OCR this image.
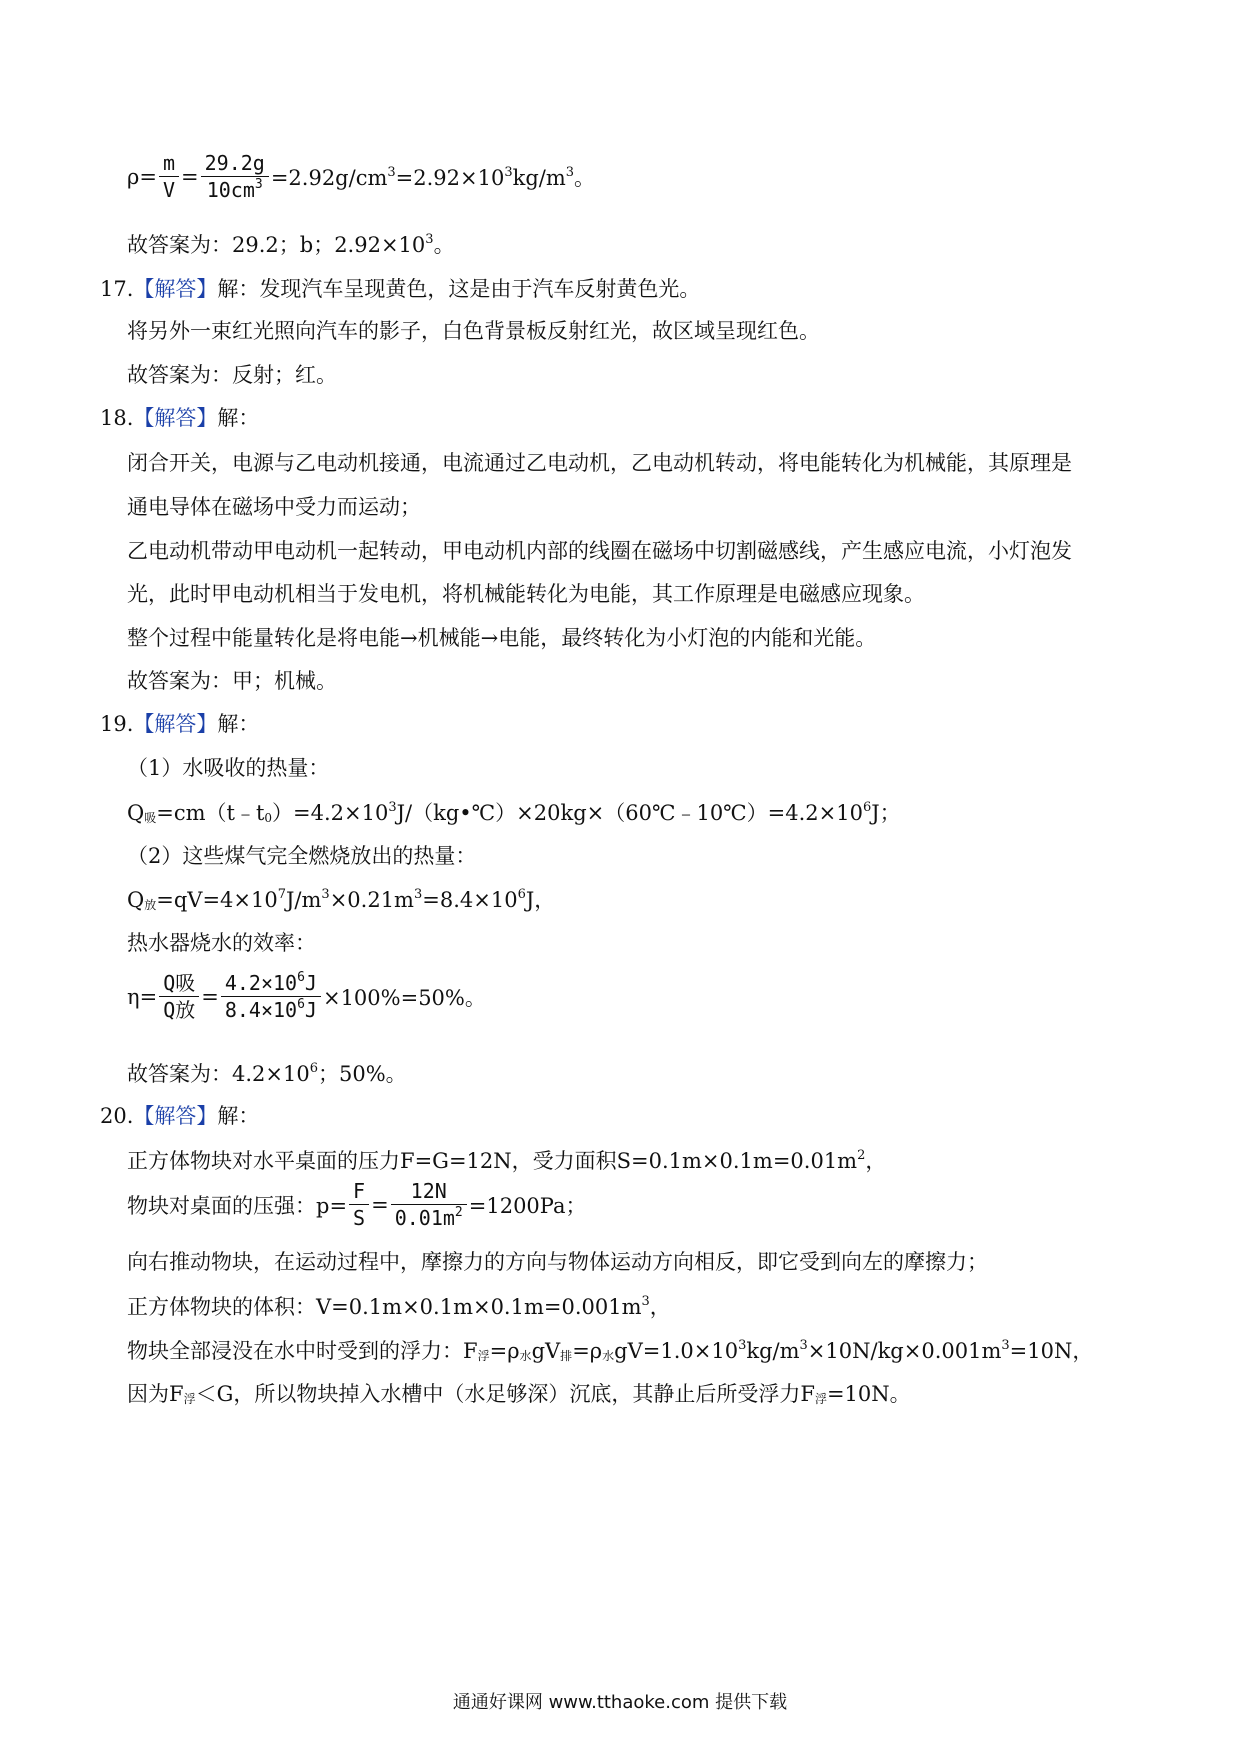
$\rho= \frac{m}{V} = \frac{29.2g}{10cm^3} =2.92g/cm^3=2.92\times 10^3kg/m^3$。
故答案为：29.2；b；$2.92\times 10^3$。
17.【解答】解：发现汽车呈现黄色，这是由于汽车反射黄色光。
将另外一束红光照向汽车的影子，白色背景板反射红光，故区域呈现红色。
故答案为：反射；红。
18.【解答】解：
闭合开关，电源与乙电动机接通，电流通过乙电动机，乙电动机转动，将电能转化为机械能，其原理是
通电导体在磁场中受力而运动；
乙电动机带动甲电动机一起转动，甲电动机内部的线圈在磁场中切割磁感线，产生感应电流，小灯泡发
光，此时甲电动机相当于发电机，将机械能转化为电能，其工作原理是电磁感应现象。
整个过程中能量转化是将电能→机械能→电能，最终转化为小灯泡的内能和光能。
故答案为：甲；机械。
19.【解答】解：
（1）水吸收的热量：
$Q_吸=cm(t﹣t_0)=4.2\times 10^3J/(kg•℃)\times 20kg\times(60℃﹣10℃)=4.2\times 10^6J$；
（2）这些煤气完全燃烧放出的热量：
$Q_放=qV=4\times 10^7J/m^3\times 0.21m^3=8.4\times 10^6J$，
热水器烧水的效率：
$\eta= \frac{\text{Q吸}}{\text{Q放}} = \frac{4.2\times 10^6J}{8.4\times 10^6J} \times 100\%=50\%$。
故答案为：$4.2\times 10^6$；50%。
20.【解答】解：
正方体物块对水平桌面的压力F=G=12N，受力面积$S=0.1m\times 0.1m=0.01m^2$，
物块对桌面的压强：$p= \frac{F}{S} = \frac{12N}{0.01m^2} =1200Pa$；
向右推动物块，在运动过程中，摩擦力的方向与物体运动方向相反，即它受到向左的摩擦力；
正方体物块的体积：$V=0.1m\times 0.1m\times 0.1m=0.001m^3$，
物块全部浸没在水中时受到的浮力：$F_浮=\rho_水gV_排=\rho_水gV=1.0\times 10^3kg/m^3\times 10N/kg\times 0.001m^3=10N$，
因为$F_浮<G$，所以物块掉入水槽中（水足够深）沉底，其静止后所受浮力$F_浮=10N$。
通通好课网 www.tthaoke.com 提供下载
